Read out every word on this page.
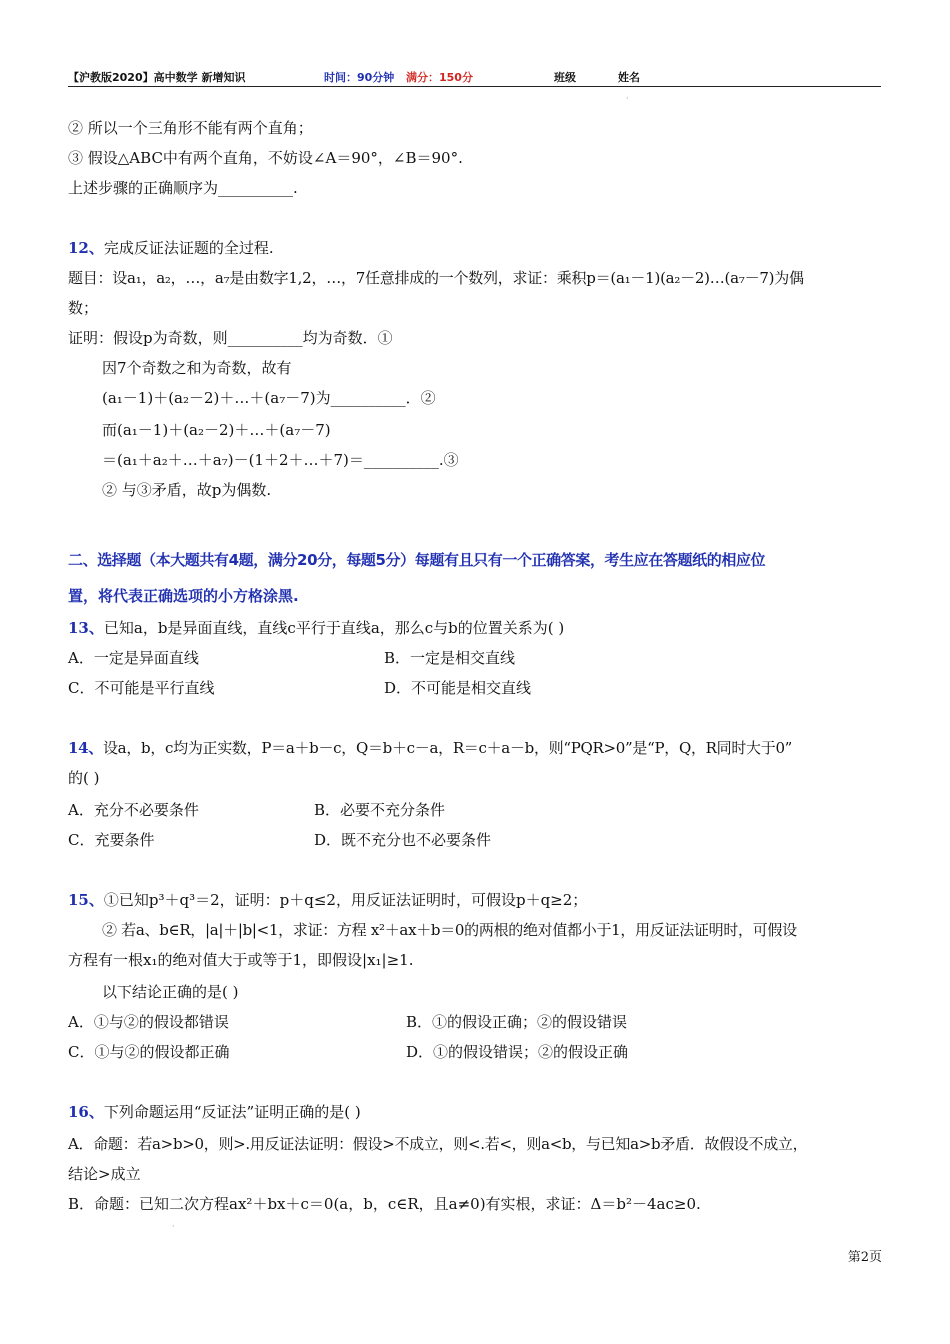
【沪教版2020】高中数学 新增知识	时间：90分钟 满分：150分	班级	姓名
·
② 所以一个三角形不能有两个直角；
③ 假设△ABC中有两个直角，不妨设∠A＝90°，∠B＝90°.
上述步骤的正确顺序为__________.
12、完成反证法证题的全过程.
题目：设a₁，a₂，…，a₇是由数字1,2，…，7任意排成的一个数列，求证：乘积p＝(a₁－1)(a₂－2)…(a₇－7)为偶
数；
证明：假设p为奇数，则__________均为奇数．①
因7个奇数之和为奇数，故有
(a₁－1)＋(a₂－2)＋…＋(a₇－7)为__________．②
而(a₁－1)＋(a₂－2)＋…＋(a₇－7)
＝(a₁＋a₂＋…＋a₇)－(1＋2＋…＋7)＝__________.③
② 与③矛盾，故p为偶数.
二、选择题（本大题共有4题，满分20分，每题5分）每题有且只有一个正确答案，考生应在答题纸的相应位
置，将代表正确选项的小方格涂黑.
13、已知a，b是异面直线，直线c平行于直线a，那么c与b的位置关系为( )
A．一定是异面直线	B．一定是相交直线
C．不可能是平行直线	D．不可能是相交直线
14、设a，b，c均为正实数，P＝a＋b－c，Q＝b＋c－a，R＝c＋a－b，则“PQR>0”是“P，Q，R同时大于0”
的( )
A．充分不必要条件	B．必要不充分条件
C．充要条件	D．既不充分也不必要条件
15、①已知p³＋q³＝2，证明：p＋q≤2，用反证法证明时，可假设p＋q≥2；
② 若a、b∈R，|a|＋|b|<1，求证：方程 x²＋ax＋b＝0的两根的绝对值都小于1，用反证法证明时，可假设
方程有一根x₁的绝对值大于或等于1，即假设|x₁|≥1.
以下结论正确的是( )
A．①与②的假设都错误	B．①的假设正确；②的假设错误
C．①与②的假设都正确	D．①的假设错误；②的假设正确
16、下列命题运用“反证法”证明正确的是( )
A．命题：若a>b>0，则>.用反证法证明：假设>不成立，则<.若<，则a<b，与已知a>b矛盾．故假设不成立，
结论>成立
B．命题：已知二次方程ax²＋bx＋c＝0(a，b，c∈R，且a≠0)有实根，求证：Δ＝b²－4ac≥0.
·
第2页
